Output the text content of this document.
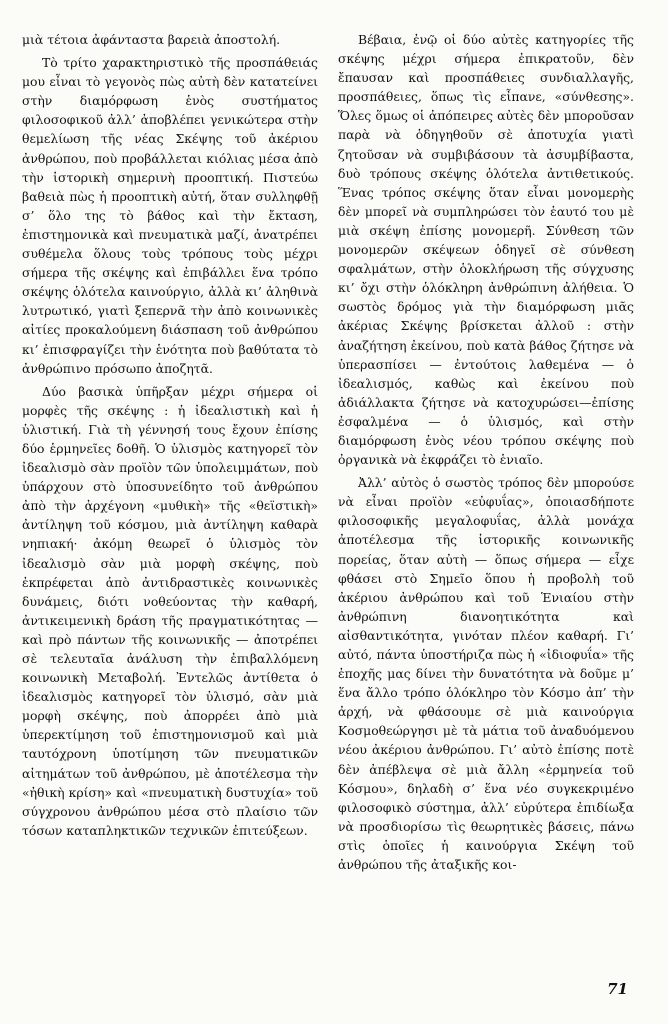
μιὰ τέτοια ἀφάνταστα βαρειὰ ἀποστολή.

Τὸ τρίτο χαρακτηριστικὸ τῆς προσπάθειάς μου εἶναι τὸ γεγονὸς πὼς αὐτὴ δὲν κατατείνει στὴν διαμόρφωση ἑνὸς συστήματος φιλοσοφικοῦ ἀλλ’ ἀποβλέπει γενικώτερα στὴν θεμελίωση τῆς νέας Σκέψης τοῦ ἀκέριου ἀνθρώπου, ποὺ προβάλλεται κιόλιας μέσα ἀπὸ τὴν ἱστορικὴ σημερινὴ προοπτική. Πιστεύω βαθειὰ πὼς ἡ προοπτικὴ αὐτή, ὅταν συλληφθῇ σ’ ὅλο της τὸ βάθος καὶ τὴν ἔκταση, ἐπιστημονικὰ καὶ πνευματικὰ μαζί, ἀνατρέπει συθέμελα ὅλους τοὺς τρόπους τοὺς μέχρι σήμερα τῆς σκέψης καὶ ἐπιβάλλει ἕνα τρόπο σκέψης ὁλότελα καινούργιο, ἀλλὰ κι’ ἀληθινὰ λυτρωτικό, γιατὶ ξεπερνᾶ τὴν ἀπὸ κοινωνικὲς αἰτίες προκαλούμενη διάσπαση τοῦ ἀνθρώπου κι’ ἐπισφραγίζει τὴν ἑνότητα ποὺ βαθύτατα τὸ ἀνθρώπινο πρόσωπο ἀποζητᾶ.

Δύο βασικὰ ὑπῆρξαν μέχρι σήμερα οἱ μορφὲς τῆς σκέψης : ἡ ἰδεαλιστικὴ καὶ ἡ ὑλιστική. Γιὰ τὴ γέννησή τους ἔχουν ἐπίσης δύο ἑρμηνεῖες δοθῆ. Ὁ ὑλισμὸς κατηγορεῖ τὸν ἰδεαλισμὸ σὰν προϊὸν τῶν ὑπολειμμάτων, ποὺ ὑπάρχουν στὸ ὑποσυνείδητο τοῦ ἀνθρώπου ἀπὸ τὴν ἀρχέγονη «μυθικὴ» τῆς «θεϊστικὴ» ἀντίληψη τοῦ κόσμου, μιὰ ἀντίληψη καθαρὰ νηπιακή· ἀκόμη θεωρεῖ ὁ ὑλισμὸς τὸν ἰδεαλισμὸ σὰν μιὰ μορφὴ σκέψης, ποὺ ἐκπρέφεται ἀπὸ ἀντιδραστικὲς κοινωνικὲς δυνάμεις, διότι νοθεύοντας τὴν καθαρή, ἀντικειμενικὴ δράση τῆς πραγματικότητας — καὶ πρὸ πάντων τῆς κοινωνικῆς — ἀποτρέπει σὲ τελευταῖα ἀνάλυση τὴν ἐπιβαλλόμενη κοινωνικὴ Μεταβολή. Ἐντελῶς ἀντίθετα ὁ ἰδεαλισμὸς κατηγορεῖ τὸν ὑλισμό, σὰν μιὰ μορφὴ σκέψης, ποὺ ἀπορρέει ἀπὸ μιὰ ὑπερεκτίμηση τοῦ ἐπιστημονισμοῦ καὶ μιὰ ταυτόχρονη ὑποτίμηση τῶν πνευματικῶν αἰτημάτων τοῦ ἀνθρώπου, μὲ ἀποτέλεσμα τὴν «ἠθικὴ κρίση» καὶ «πνευματικὴ δυστυχία» τοῦ σύγχρονου ἀνθρώπου μέσα στὸ πλαίσιο τῶν τόσων καταπληκτικῶν τεχνικῶν ἐπιτεύξεων.

Βέβαια, ἐνῷ οἱ δύο αὐτὲς κατηγορίες τῆς σκέψης μέχρι σήμερα ἐπικρατοῦν, δὲν ἔπαυσαν καὶ προσπάθειες συνδιαλλαγῆς, προσπάθειες, ὅπως τὶς εἶπανε, «σύνθεσης». Ὅλες ὅμως οἱ ἀπόπειρες αὐτὲς δὲν μποροῦσαν παρὰ νὰ ὁδηγηθοῦν σὲ ἀποτυχία γιατὶ ζητοῦσαν νὰ συμβιβάσουν τὰ ἀσυμβίβαστα, δυὸ τρόπους σκέψης ὁλότελα ἀντιθετικούς. Ἕνας τρόπος σκέψης ὅταν εἶναι μονομερὴς δὲν μπορεῖ νὰ συμπληρώσει τὸν ἑαυτό του μὲ μιὰ σκέψη ἐπίσης μονομερῆ. Σύνθεση τῶν μονομερῶν σκέψεων ὁδηγεῖ σὲ σύνθεση σφαλμάτων, στὴν ὁλοκλήρωση τῆς σύγχυσης κι’ ὄχι στὴν ὁλόκληρη ἀνθρώπινη ἀλήθεια. Ὁ σωστὸς δρόμος γιὰ τὴν διαμόρφωση μιᾶς ἀκέριας Σκέψης βρίσκεται ἀλλοῦ : στὴν ἀναζήτηση ἐκείνου, ποὺ κατὰ βάθος ζήτησε νὰ ὑπερασπίσει — ἐντούτοις λαθεμένα — ὁ ἰδεαλισμός, καθὼς καὶ ἐκείνου ποὺ ἀδιάλλακτα ζήτησε νὰ κατοχυρώσει—ἐπίσης ἐσφαλμένα — ὁ ὑλισμός, καὶ στὴν διαμόρφωση ἑνὸς νέου τρόπου σκέψης ποὺ ὀργανικὰ νὰ ἐκφράζει τὸ ἑνιαῖο.

Ἀλλ’ αὐτὸς ὁ σωστὸς τρόπος δὲν μπορούσε νὰ εἶναι προϊὸν «εὐφυΐας», ὁποιασδήποτε φιλοσοφικῆς μεγαλοφυΐας, ἀλλὰ μονάχα ἀποτέλεσμα τῆς ἱστορικῆς κοινωνικῆς πορείας, ὅταν αὐτὴ — ὅπως σήμερα — εἶχε φθάσει στὸ Σημεῖο ὅπου ἡ προβολὴ τοῦ ἀκέριου ἀνθρώπου καὶ τοῦ Ἑνιαίου στὴν ἀνθρώπινη διανοητικότητα καὶ αἰσθαντικότητα, γινόταν πλέον καθαρή. Γι’ αὐτό, πάντα ὑποστήριζα πὼς ἡ «ἰδιοφυΐα» τῆς ἐποχῆς μας δίνει τὴν δυνατότητα νὰ δοῦμε μ’ ἕνα ἄλλο τρόπο ὁλόκληρο τὸν Κόσμο ἀπ’ τὴν ἀρχή, νὰ φθάσουμε σὲ μιὰ καινούργια Κοσμοθεώργησι μὲ τὰ μάτια τοῦ ἀναδυόμενου νέου ἀκέριου ἀνθρώπου. Γι’ αὐτὸ ἐπίσης ποτὲ δὲν ἀπέβλεψα σὲ μιὰ ἄλλη «ἑρμηνεία τοῦ Κόσμου», δηλαδὴ σ’ ἕνα νέο συγκεκριμένο φιλοσοφικὸ σύστημα, ἀλλ’ εὐρύτερα ἐπιδίωξα νὰ προσδιορίσω τὶς θεωρητικὲς βάσεις, πάνω στὶς ὁποῖες ἡ καινούργια Σκέψη τοῦ ἀνθρώπου τῆς ἀταξικῆς κοι-

71
